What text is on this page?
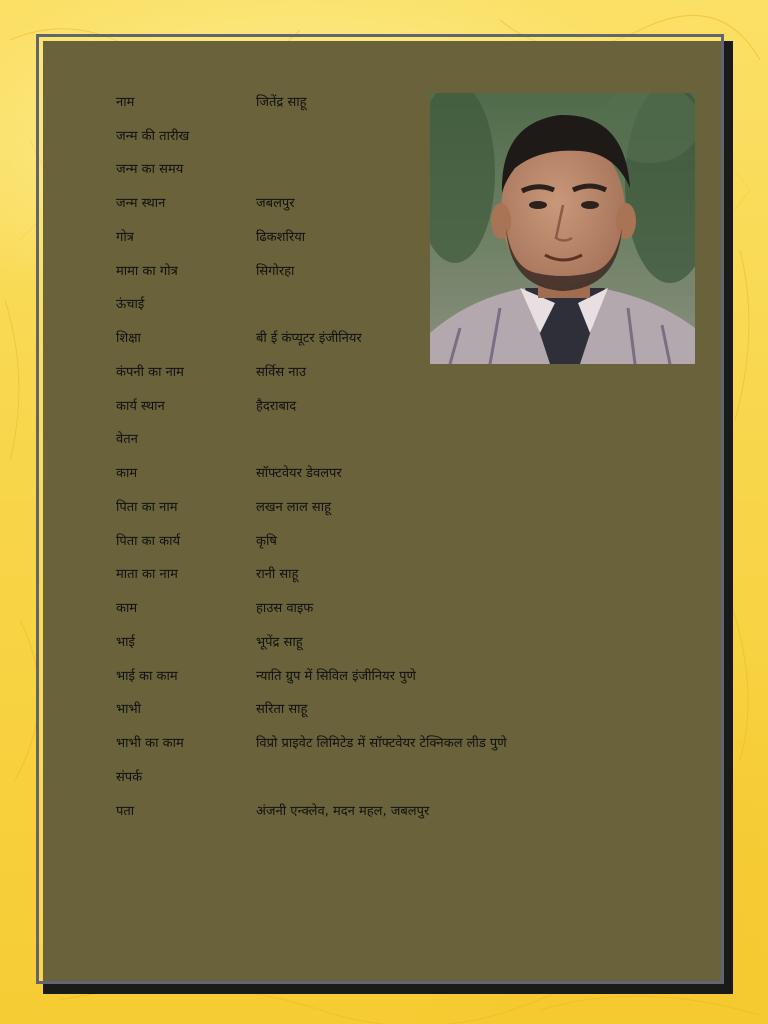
नाम	जितेंद्र साहू
जन्म की तारीख
जन्म का समय
जन्म स्थान	जबलपुर
गोत्र	ढिकशरिया
मामा का गोत्र	सिगोरहा
ऊंचाई
शिक्षा	बी ई कंप्यूटर इंजीनियर
कंपनी का नाम	सर्विस नाउ
कार्य स्थान	हैदराबाद
वेतन
काम	सॉफ्टवेयर डेवलपर
पिता का नाम	लखन लाल साहू
पिता का कार्य	कृषि
माता का नाम	रानी साहू
काम	हाउस वाइफ
भाई	भूपेंद्र साहू
भाई का काम	न्याति ग्रुप में सिविल इंजीनियर पुणे
भाभी	सरिता साहू
भाभी का काम	विप्रो प्राइवेट लिमिटेड में सॉफ्टवेयर टेक्निकल लीड पुणे
संपर्क
पता	अंजनी एन्क्लेव, मदन महल, जबलपुर
